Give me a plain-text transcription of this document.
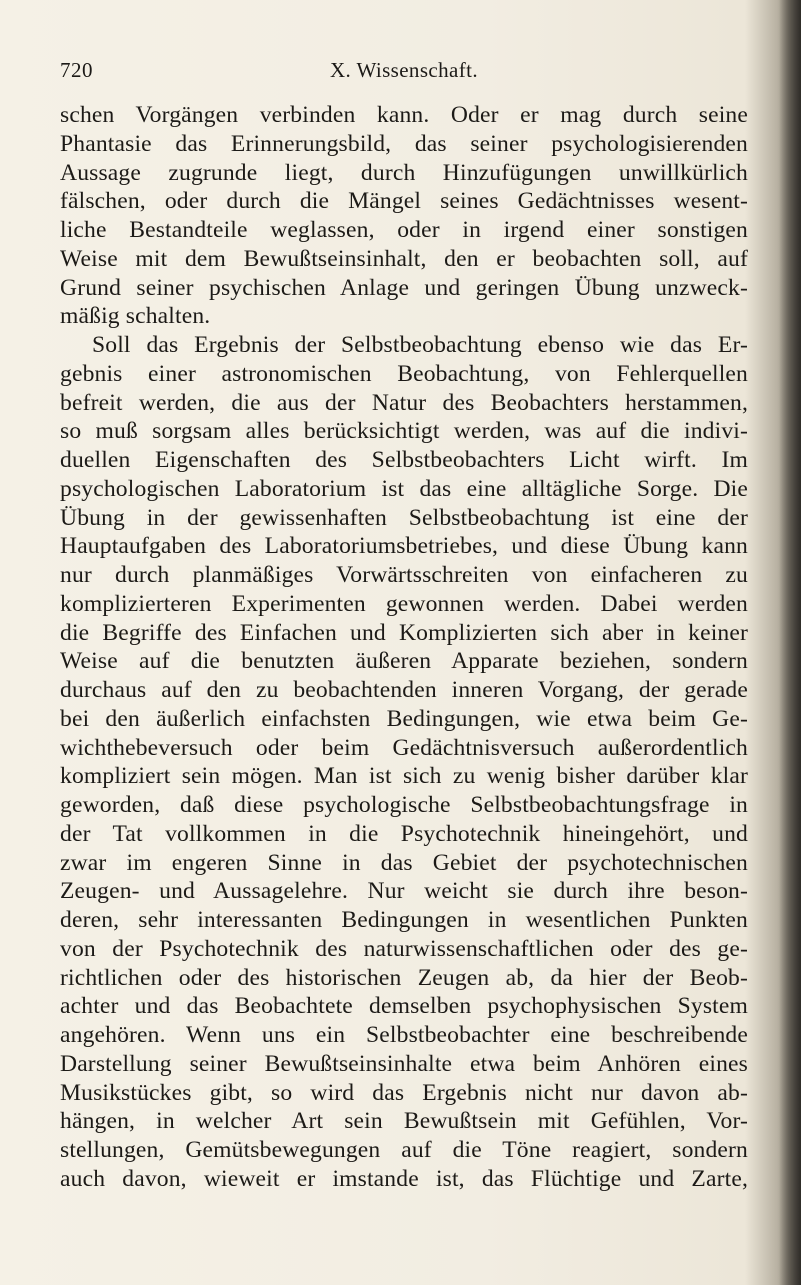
720	X. Wissenschaft.
schen Vorgängen verbinden kann. Oder er mag durch seine
Phantasie das Erinnerungsbild, das seiner psychologisierenden
Aussage zugrunde liegt, durch Hinzufügungen unwillkürlich
fälschen, oder durch die Mängel seines Gedächtnisses wesent-
liche Bestandteile weglassen, oder in irgend einer sonstigen
Weise mit dem Bewußtseinsinhalt, den er beobachten soll, auf
Grund seiner psychischen Anlage und geringen Übung unzweck-
mäßig schalten.
Soll das Ergebnis der Selbstbeobachtung ebenso wie das Er-
gebnis einer astronomischen Beobachtung, von Fehlerquellen
befreit werden, die aus der Natur des Beobachters herstammen,
so muß sorgsam alles berücksichtigt werden, was auf die indivi-
duellen Eigenschaften des Selbstbeobachters Licht wirft. Im
psychologischen Laboratorium ist das eine alltägliche Sorge. Die
Übung in der gewissenhaften Selbstbeobachtung ist eine der
Hauptaufgaben des Laboratoriumsbetriebes, und diese Übung kann
nur durch planmäßiges Vorwärtsschreiten von einfacheren zu
komplizierteren Experimenten gewonnen werden. Dabei werden
die Begriffe des Einfachen und Komplizierten sich aber in keiner
Weise auf die benutzten äußeren Apparate beziehen, sondern
durchaus auf den zu beobachtenden inneren Vorgang, der gerade
bei den äußerlich einfachsten Bedingungen, wie etwa beim Ge-
wichthebeversuch oder beim Gedächtnisversuch außerordentlich
kompliziert sein mögen. Man ist sich zu wenig bisher darüber klar
geworden, daß diese psychologische Selbstbeobachtungsfrage in
der Tat vollkommen in die Psychotechnik hineingehört, und
zwar im engeren Sinne in das Gebiet der psychotechnischen
Zeugen- und Aussagelehre. Nur weicht sie durch ihre beson-
deren, sehr interessanten Bedingungen in wesentlichen Punkten
von der Psychotechnik des naturwissenschaftlichen oder des ge-
richtlichen oder des historischen Zeugen ab, da hier der Beob-
achter und das Beobachtete demselben psychophysischen System
angehören. Wenn uns ein Selbstbeobachter eine beschreibende
Darstellung seiner Bewußtseinsinhalte etwa beim Anhören eines
Musikstückes gibt, so wird das Ergebnis nicht nur davon ab-
hängen, in welcher Art sein Bewußtsein mit Gefühlen, Vor-
stellungen, Gemütsbewegungen auf die Töne reagiert, sondern
auch davon, wieweit er imstande ist, das Flüchtige und Zarte,
